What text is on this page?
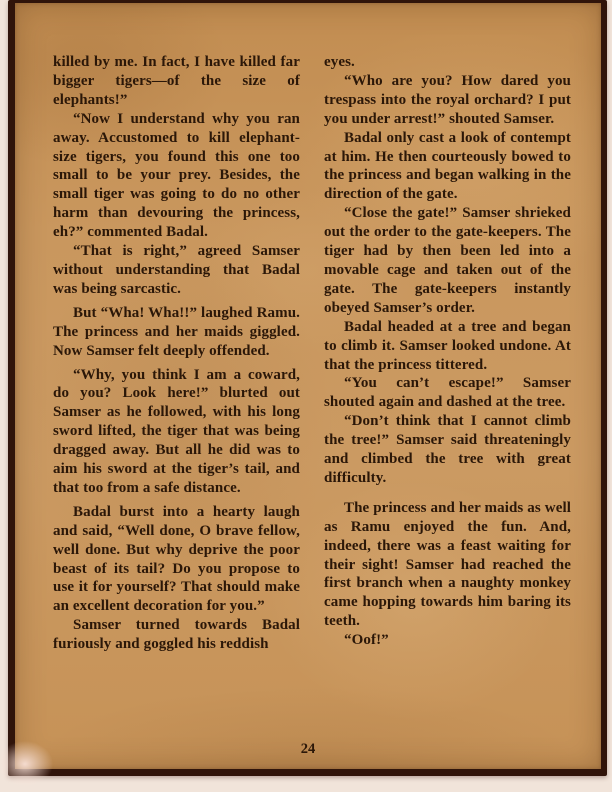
killed by me. In fact, I have killed far bigger tigers—of the size of elephants!”

“Now I understand why you ran away. Accustomed to kill elephant-size tigers, you found this one too small to be your prey. Besides, the small tiger was going to do no other harm than devouring the princess, eh?” commented Badal.

“That is right,” agreed Samser without understanding that Badal was being sarcastic.

But “Wha! Wha!!” laughed Ramu. The princess and her maids giggled. Now Samser felt deeply offended.

“Why, you think I am a coward, do you? Look here!” blurted out Samser as he followed, with his long sword lifted, the tiger that was being dragged away. But all he did was to aim his sword at the tiger’s tail, and that too from a safe distance.

Badal burst into a hearty laugh and said, “Well done, O brave fellow, well done. But why deprive the poor beast of its tail? Do you propose to use it for yourself? That should make an excellent decoration for you.”

Samser turned towards Badal furiously and goggled his reddish

eyes.

“Who are you? How dared you trespass into the royal orchard? I put you under arrest!” shouted Samser.

Badal only cast a look of contempt at him. He then courteously bowed to the princess and began walking in the direction of the gate.

“Close the gate!” Samser shrieked out the order to the gate-keepers. The tiger had by then been led into a movable cage and taken out of the gate. The gate-keepers instantly obeyed Samser’s order.

Badal headed at a tree and began to climb it. Samser looked undone. At that the princess tittered.

“You can’t escape!” Samser shouted again and dashed at the tree.

“Don’t think that I cannot climb the tree!” Samser said threateningly and climbed the tree with great difficulty.

The princess and her maids as well as Ramu enjoyed the fun. And, indeed, there was a feast waiting for their sight! Samser had reached the first branch when a naughty monkey came hopping towards him baring its teeth.

“Oof!”

24
